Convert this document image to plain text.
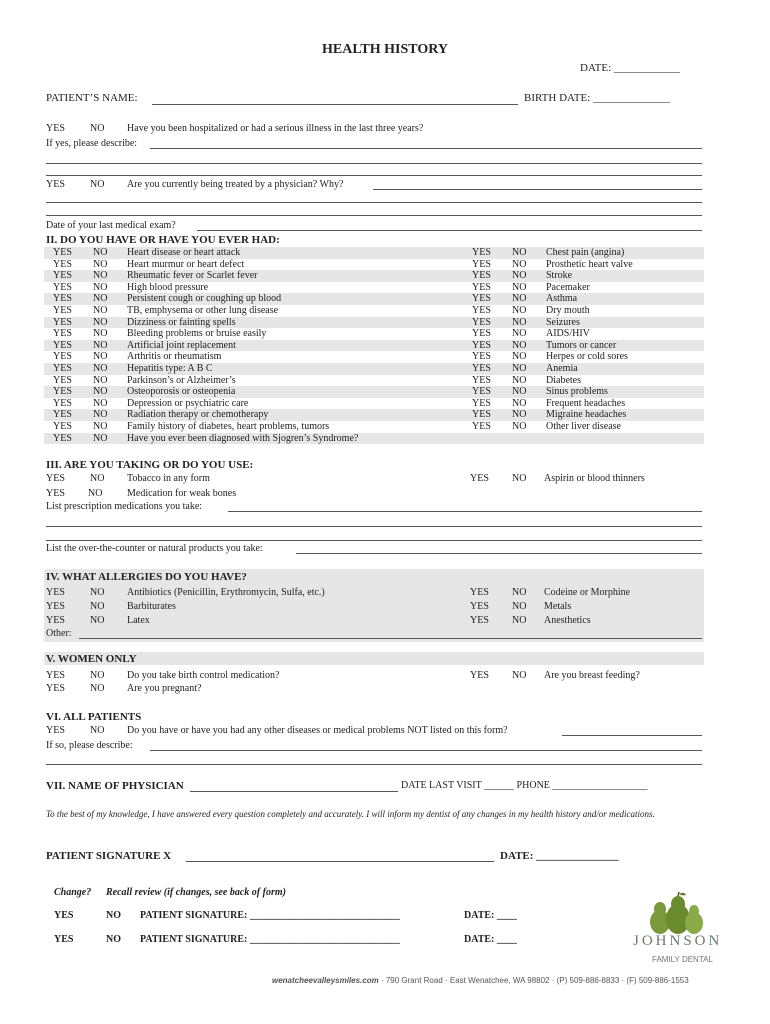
HEALTH HISTORY
DATE: ____________
PATIENT’S NAME:	BIRTH DATE: ______________
YES	NO Have you been hospitalized or had a serious illness in the last three years?
If yes, please describe:
YES	NO Are you currently being treated by a physician? Why?
Date of your last medical exam?
II. DO YOU HAVE OR HAVE YOU EVER HAD:
YES NO Heart disease or heart attack	YES NO Chest pain (angina)
YES NO Heart murmur or heart defect	YES NO Prosthetic heart valve
YES NO Rheumatic fever or Scarlet fever	YES NO Stroke
YES NO High blood pressure	YES NO Pacemaker
YES NO Persistent cough or coughing up blood	YES NO Asthma
YES NO TB, emphysema or other lung disease	YES NO Dry mouth
YES NO Dizziness or fainting spells	YES NO Seizures
YES NO Bleeding problems or bruise easily	YES NO AIDS/HIV
YES NO Artificial joint replacement	YES NO Tumors or cancer
YES NO Arthritis or rheumatism	YES NO Herpes or cold sores
YES NO Hepatitis type: A B C	YES NO Anemia
YES NO Parkinson’s or Alzheimer’s	YES NO Diabetes
YES NO Osteoporosis or osteopenia	YES NO Sinus problems
YES NO Depression or psychiatric care	YES NO Frequent headaches
YES NO Radiation therapy or chemotherapy	YES NO Migraine headaches
YES NO Family history of diabetes, heart problems, tumors	YES NO Other liver disease
YES NO Have you ever been diagnosed with Sjogren’s Syndrome?
III. ARE YOU TAKING OR DO YOU USE:
YES	NO Tobacco in any form	YES NO Aspirin or blood thinners
YES NO Medication for weak bones
List prescription medications you take:
List the over-the-counter or natural products you take:
IV. WHAT ALLERGIES DO YOU HAVE?
YES	NO Antibiotics (Penicillin, Erythromycin, Sulfa, etc.)	YES NO Codeine or Morphine
YES	NO Barbiturates	YES NO Metals
YES	NO Latex	YES NO Anesthetics
Other:
V. WOMEN ONLY
YES	NO Do you take birth control medication?	YES NO Are you breast feeding?
YES	NO Are you pregnant?
VI. ALL PATIENTS
YES	NO Do you have or have you had any other diseases or medical problems NOT listed on this form?
If so, please describe:
VII. NAME OF PHYSICIAN	DATE LAST VISIT ______ PHONE ___________________
To the best of my knowledge, I have answered every question completely and accurately. I will inform my dentist of any changes in my health history and/or medications.
PATIENT SIGNATURE X	DATE: _______________
Change? Recall review (if changes, see back of form)
YES	NO PATIENT SIGNATURE: ______________________________	DATE: ____
YES	NO PATIENT SIGNATURE: ______________________________	DATE: ____	JOHNSON
FAMILY DENTAL
wenatcheevalleysmiles.com · 790 Grant Road · East Wenatchee, WA 98802 · (P) 509-886-8833 · (F) 509-886-1553
